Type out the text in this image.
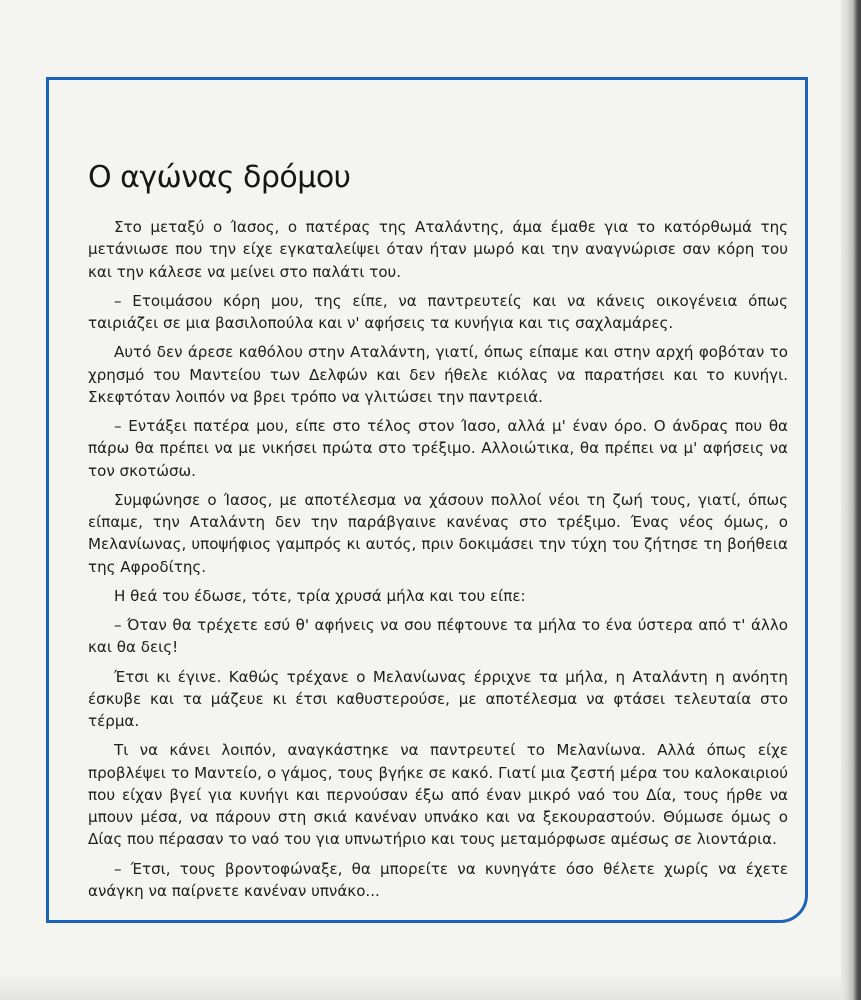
Ο αγώνας δρόμου

Στο μεταξύ ο Ίασος, ο πατέρας της Αταλάντης, άμα έμαθε για το κατόρθωμά της μετάνιωσε που την είχε εγκαταλείψει όταν ήταν μωρό και την αναγνώρισε σαν κόρη του και την κάλεσε να μείνει στο παλάτι του.

– Ετοιμάσου κόρη μου, της είπε, να παντρευτείς και να κάνεις οικογένεια όπως ταιριάζει σε μια βασιλοπούλα και ν' αφήσεις τα κυνήγια και τις σαχλαμάρες.

Αυτό δεν άρεσε καθόλου στην Αταλάντη, γιατί, όπως είπαμε και στην αρχή φοβόταν το χρησμό του Μαντείου των Δελφών και δεν ήθελε κιόλας να παρατήσει και το κυνήγι. Σκεφτόταν λοιπόν να βρει τρόπο να γλιτώσει την παντρειά.

– Εντάξει πατέρα μου, είπε στο τέλος στον Ίασο, αλλά μ' έναν όρο. Ο άνδρας που θα πάρω θα πρέπει να με νικήσει πρώτα στο τρέξιμο. Αλλοιώτικα, θα πρέπει να μ' αφήσεις να τον σκοτώσω.

Συμφώνησε ο Ίασος, με αποτέλεσμα να χάσουν πολλοί νέοι τη ζωή τους, γιατί, όπως είπαμε, την Αταλάντη δεν την παράβγαινε κανένας στο τρέξιμο. Ένας νέος όμως, ο Μελανίωνας, υποψήφιος γαμπρός κι αυτός, πριν δοκιμάσει την τύχη του ζήτησε τη βοήθεια της Αφροδίτης.

Η θεά του έδωσε, τότε, τρία χρυσά μήλα και του είπε:

– Όταν θα τρέχετε εσύ θ' αφήνεις να σου πέφτουνε τα μήλα το ένα ύστερα από τ' άλλο και θα δεις!

Έτσι κι έγινε. Καθώς τρέχανε ο Μελανίωνας έρριχνε τα μήλα, η Αταλάντη η ανόητη έσκυβε και τα μάζευε κι έτσι καθυστερούσε, με αποτέλεσμα να φτάσει τελευταία στο τέρμα.

Τι να κάνει λοιπόν, αναγκάστηκε να παντρευτεί το Μελανίωνα. Αλλά όπως είχε προβλέψει το Μαντείο, ο γάμος, τους βγήκε σε κακό. Γιατί μια ζεστή μέρα του καλοκαιριού που είχαν βγεί για κυνήγι και περνούσαν έξω από έναν μικρό ναό του Δία, τους ήρθε να μπουν μέσα, να πάρουν στη σκιά κανέναν υπνάκο και να ξεκουραστούν. Θύμωσε όμως ο Δίας που πέρασαν το ναό του για υπνωτήριο και τους μεταμόρφωσε αμέσως σε λιοντάρια.

– Έτσι, τους βροντοφώναξε, θα μπορείτε να κυνηγάτε όσο θέλετε χωρίς να έχετε ανάγκη να παίρνετε κανέναν υπνάκο...
